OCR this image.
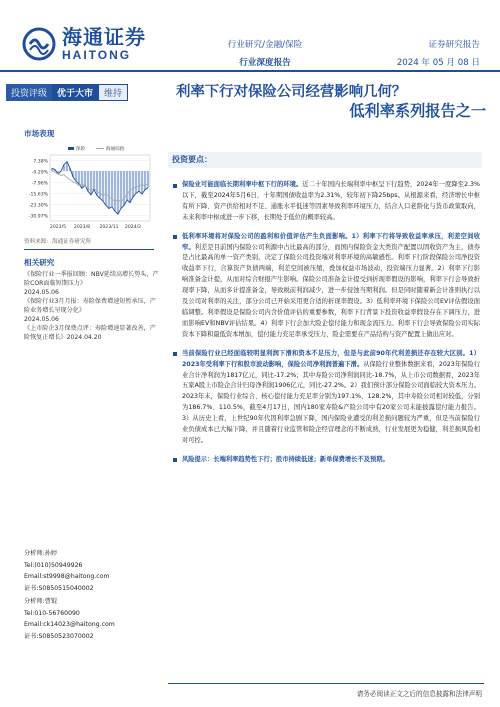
海通证券
HAITONG
行业研究/金融/保险
行业深度报告
证券研究报告
2024 年 05 月 08 日
投资评级	优于大市	维持	利率下行对保险公司经营影响几何？
低利率系列报告之一
市场表现
7.38%
-0.29%
-7.96%
-15.63%
-23.30%
-30.97%
2023/5 2023/8 2023/11 2024/2
保险	海通综指
资料来源：海通证券研究所
相关研究
《保险行业一季报回顾：NBV延续高增长势头，产险COR面临短期压力》
2024.05.06
《保险行业3月月报：寿险保费增速短暂承压，产险业务增长呈现分化》
2024.05.06
《上市险企3月保费点评：寿险增速显著改善，产险恢复正增长》2024.04.20
分析师:孙婷
Tel:(010)50949926
Email:st9998@haitong.com
证书:S0850515040002
分析师:曹锟
Tel:010-56760090
Email:ck14023@haitong.com
证书:S0850523070002
投资要点：
保险业可能面临长期利率中枢下行的环境。近二十年国内长端利率中枢呈下行趋势，2024年一度降至2.3%以下，截至2024年5月6日，十年期国债收益率为2.31%，较年初下降25bps。从根源来看，经济增长中枢有所下降、资产供给相对不足、通胀水平低迷等因素导致利率环境压力，结合人口老龄化与货币政策取向，未来利率中枢或进一步下移，长期处于低位的概率较高。
低利率环境将对保险公司的盈利和价值评估产生负面影响。1）利率下行将导致收益率承压，利差空间收窄。利差是目前国内保险公司利源中占比最高的部分，而国内保险资金大类资产配置以固收资产为主，债券是占比最高的单一资产类别，决定了保险公司投资端对利率环境的高敏感性。利率下行阶段保险公司净投资收益率下行，合算资产负债两端，利差空间被压缩，叠加权益市场波动，投资端压力显著。2）利率下行影响准备金计提，从而对综合财报产生影响。保险公司准备金计提受到折现率假设的影响，利率下行会导致折现率下降，从而多计提准备金，导致税前利润减少，进一步侵蚀当期利润。但是同时随着新会计准则执行以及公司对利率的关注，部分公司已开始采用更合适的折现率假设。3）低利率环境下保险公司EV评估假设面临调整。利率假设是保险公司内含价值评估的重要参数，利率下行背景下投资收益率假设存在下调压力，进而影响EV和NBV评估结果。4）利率下行会加大险企偿付能力和现金流压力。利率下行会导致保险公司实际资本下降和最低资本增加，偿付能力充足率承受压力，险企需要在产品结构与资产配置上做出应对。
当前保险行业已经面临较明显利润下滑和资本不足压力，但是与此前90年代利差损还存在较大区别。1）2023年受利率下行和股市波动影响，保险公司净利润普遍下滑。从保险行业整体数据来看，2023年保险行业合计净利润为1817亿元，同比-17.2%；其中寿险公司净利润同比-18.7%，从上市公司数据看，2023年五家A股上市险企合计归母净利润1906亿元，同比-27.2%。2）我们预计部分保险公司面临较大资本压力。2023年末，保险行业综合、核心偿付能力充足率分别为197.1%、128.2%，其中寿险公司相对较低，分别为186.7%、110.5%，截至4月17日，国内180家寿险&产险公司中有20家公司未能披露偿付能力报告。3）从历史上看，上世纪90年代因利率急剧下降，国内保险业遭受的利差损问题较为严重，但是当前保险行业负债成本已大幅下降，并且随着行业监管和险企经营理念的不断成熟，行业发展更为稳健，利差损风险相对可控。
风险提示：长端利率趋势性下行；股市持续低迷；新单保费增长不及预期。
请务必阅读正文之后的信息披露和法律声明
